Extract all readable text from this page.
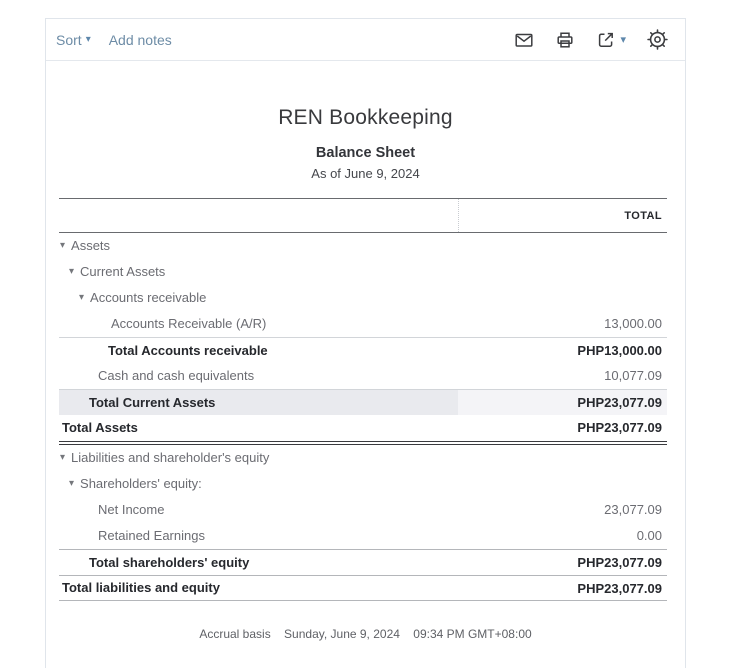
Sort ▾ Add notes	▾
REN Bookkeeping
Balance Sheet
As of June 9, 2024
TOTAL
▾ Assets
▾ Current Assets
▾ Accounts receivable
Accounts Receivable (A/R)	13,000.00
Total Accounts receivable	PHP13,000.00
Cash and cash equivalents	10,077.09
Total Current Assets	PHP23,077.09
Total Assets	PHP23,077.09
▾ Liabilities and shareholder's equity
▾ Shareholders' equity:
Net Income	23,077.09
Retained Earnings	0.00
Total shareholders' equity	PHP23,077.09
Total liabilities and equity	PHP23,077.09
Accrual basis Sunday, June 9, 2024 09:34 PM GMT+08:00
